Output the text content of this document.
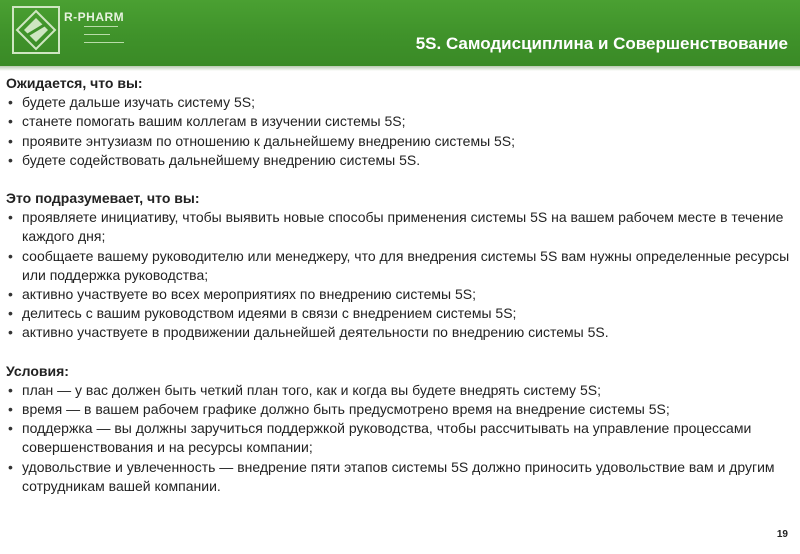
R-PHARM
5S. Самодисциплина и Совершенствование
Ожидается, что вы:
• будете дальше изучать систему 5S;
• станете помогать вашим коллегам в изучении системы 5S;
• проявите энтузиазм по отношению к дальнейшему внедрению системы 5S;
• будете содействовать дальнейшему внедрению системы 5S.
Это подразумевает, что вы:
• проявляете инициативу, чтобы выявить новые способы применения системы 5S на вашем рабочем месте в течение каждого дня;
• сообщаете вашему руководителю или менеджеру, что для внедрения системы 5S вам нужны определенные ресурсы или поддержка руководства;
• активно участвуете во всех мероприятиях по внедрению системы 5S;
• делитесь с вашим руководством идеями в связи с внедрением системы 5S;
• активно участвуете в продвижении дальнейшей деятельности по внедрению системы 5S.
Условия:
• план — у вас должен быть четкий план того, как и когда вы будете внедрять систему 5S;
• время — в вашем рабочем графике должно быть предусмотрено время на внедрение системы 5S;
• поддержка — вы должны заручиться поддержкой руководства, чтобы рассчитывать на управление процессами совершенствования и на ресурсы компании;
• удовольствие и увлеченность — внедрение пяти этапов системы 5S должно приносить удовольствие вам и другим сотрудникам вашей компании.
19
